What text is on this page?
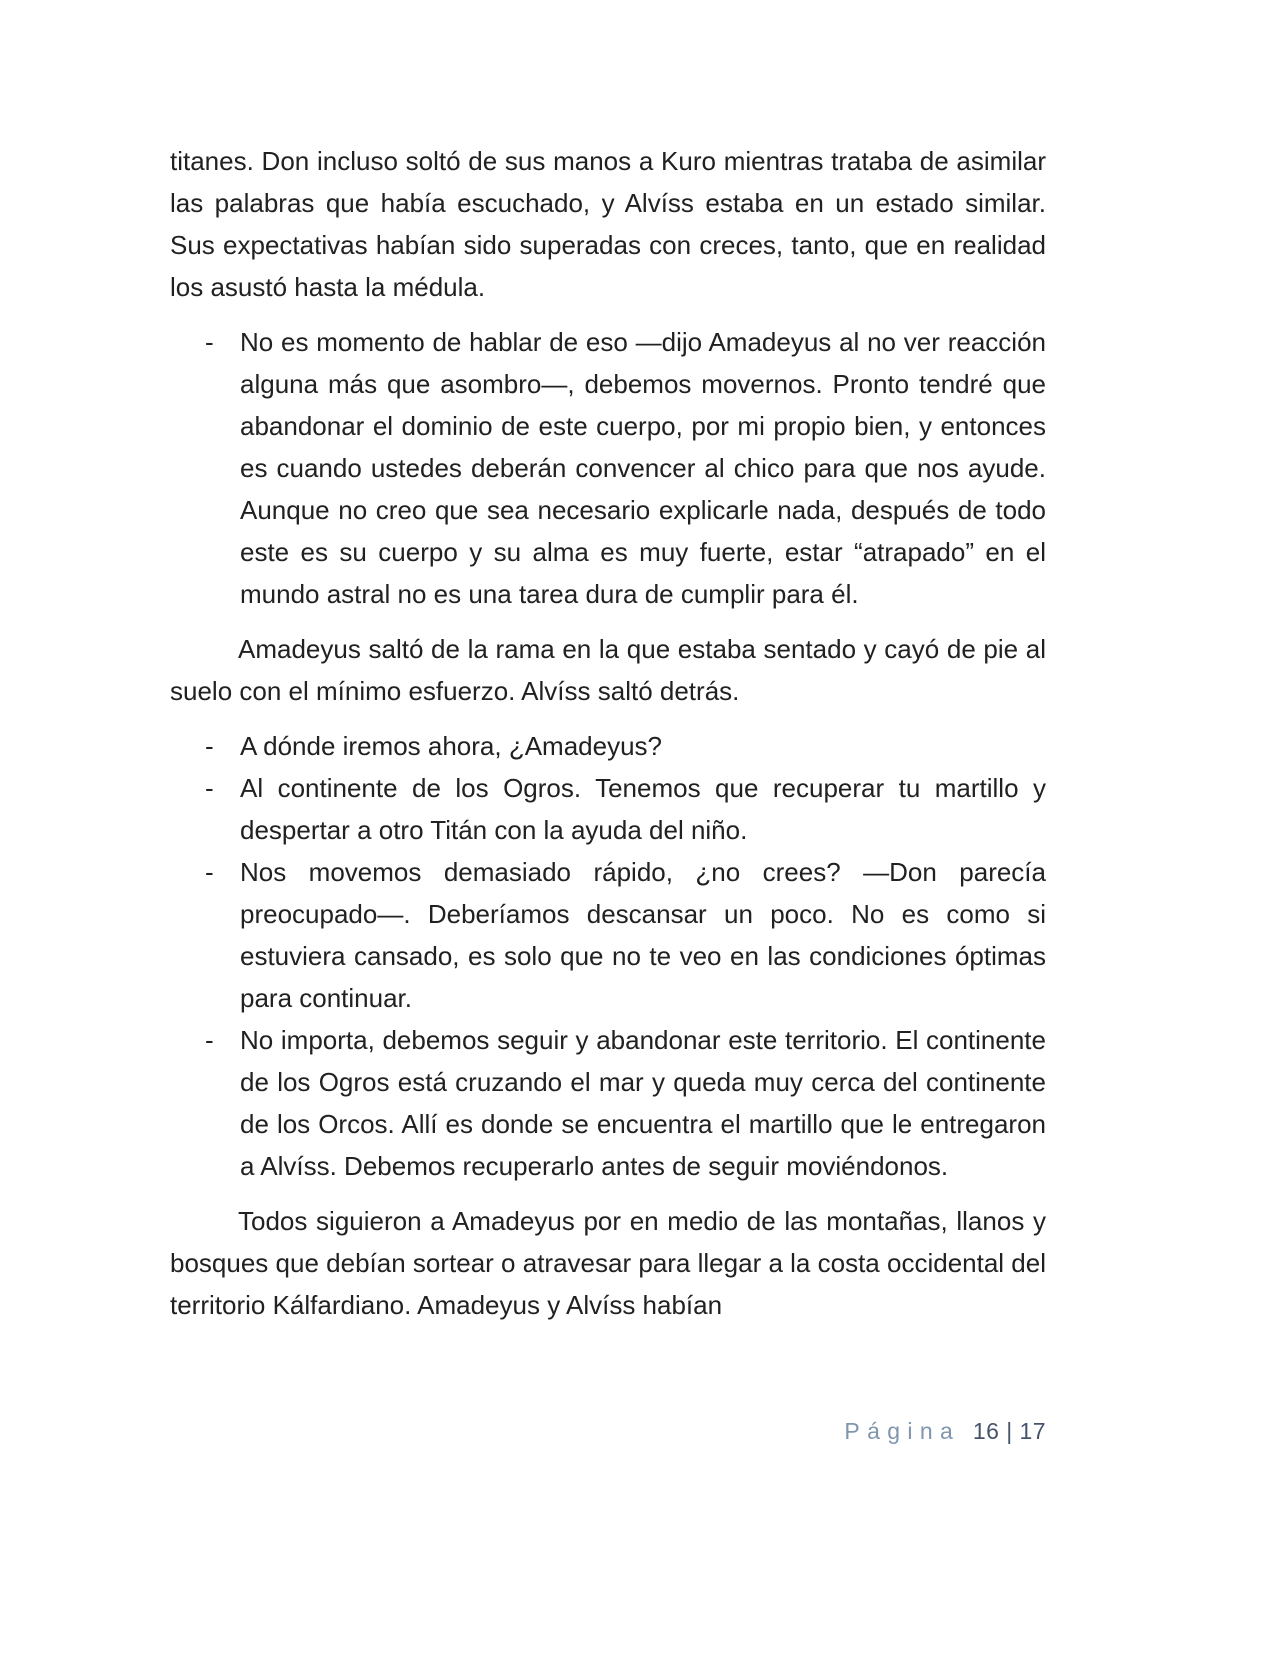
titanes. Don incluso soltó de sus manos a Kuro mientras trataba de asimilar las palabras que había escuchado, y Alvíss estaba en un estado similar. Sus expectativas habían sido superadas con creces, tanto, que en realidad los asustó hasta la médula.

-	No es momento de hablar de eso —dijo Amadeyus al no ver reacción alguna más que asombro—, debemos movernos. Pronto tendré que abandonar el dominio de este cuerpo, por mi propio bien, y entonces es cuando ustedes deberán convencer al chico para que nos ayude. Aunque no creo que sea necesario explicarle nada, después de todo este es su cuerpo y su alma es muy fuerte, estar “atrapado” en el mundo astral no es una tarea dura de cumplir para él.

Amadeyus saltó de la rama en la que estaba sentado y cayó de pie al suelo con el mínimo esfuerzo. Alvíss saltó detrás.

-	A dónde iremos ahora, ¿Amadeyus?
-	Al continente de los Ogros. Tenemos que recuperar tu martillo y despertar a otro Titán con la ayuda del niño.
-	Nos movemos demasiado rápido, ¿no crees? —Don parecía preocupado—. Deberíamos descansar un poco. No es como si estuviera cansado, es solo que no te veo en las condiciones óptimas para continuar.
-	No importa, debemos seguir y abandonar este territorio. El continente de los Ogros está cruzando el mar y queda muy cerca del continente de los Orcos. Allí es donde se encuentra el martillo que le entregaron a Alvíss. Debemos recuperarlo antes de seguir moviéndonos.

Todos siguieron a Amadeyus por en medio de las montañas, llanos y bosques que debían sortear o atravesar para llegar a la costa occidental del territorio Kálfardiano. Amadeyus y Alvíss habían

Página 16 | 17
